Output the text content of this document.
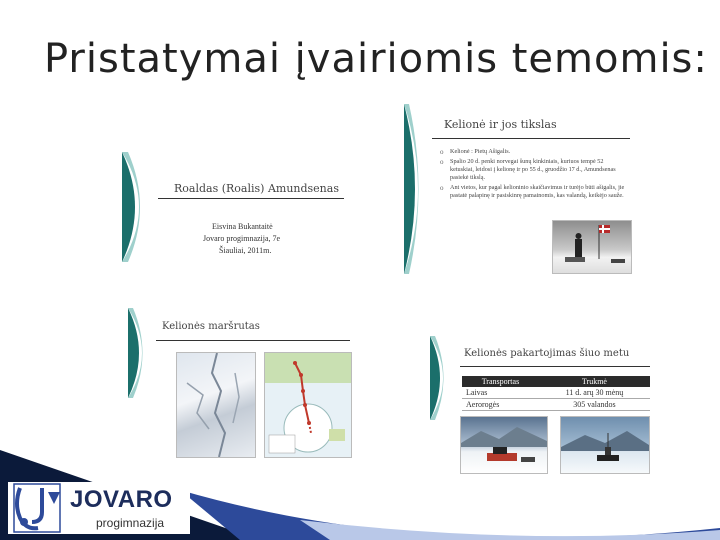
Pristatymai įvairiomis temomis:
Roaldas (Roalis) Amundsenas
Eisvina Bukantaitė
Jovaro progimnazija, 7e
Šiauliai, 2011m.
Kelionė ir jos tikslas
o Kelionė : Pietų Ašigalis.
o Spalio 20 d. penki norvegai šunų kinkiniais, kuriuos tempė 52 ketuskiai, leidosi į kelionę ir po 55 d., gruodžio 17 d., Amundsenas pasiekė tikslą.
o Ant vietos, kur pagal kelioninio skaičiavimus ir turėjo būti ašigalis, jie pastatė palapinę ir pasiskinrę pamainomis, kas valandą, keikėjo sauže.
Kelionės maršrutas
Kelionės pakartojimas šiuo metu
Transportas	Trukmė
Laivas	11 d. arų 30 mėnų
Aerorogės	305 valandos
JOVARO
progimnazija
